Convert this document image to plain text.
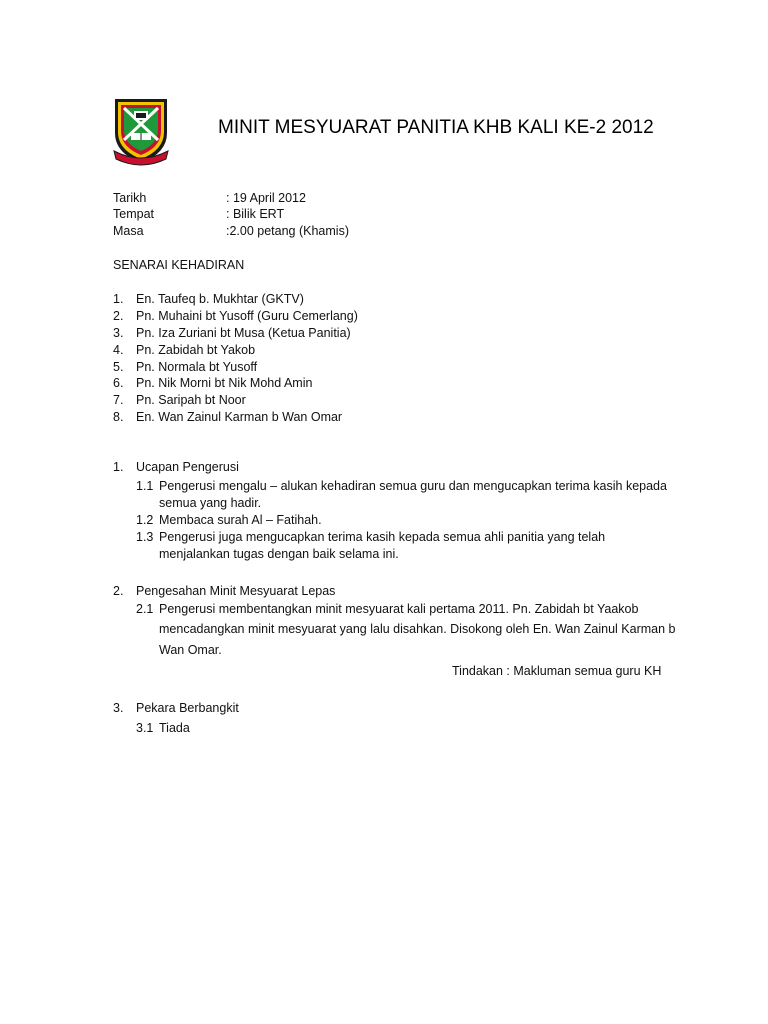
MINIT MESYUARAT PANITIA KHB KALI KE-2 2012
Tarikh	: 19 April 2012
Tempat	: Bilik ERT
Masa	:2.00 petang (Khamis)
SENARAI KEHADIRAN
1. En. Taufeq b. Mukhtar (GKTV)
2. Pn. Muhaini bt Yusoff (Guru Cemerlang)
3. Pn. Iza Zuriani bt Musa (Ketua Panitia)
4. Pn. Zabidah bt Yakob
5. Pn. Normala bt Yusoff
6. Pn. Nik Morni bt Nik Mohd Amin
7. Pn. Saripah bt Noor
8. En. Wan Zainul Karman b Wan Omar
1. Ucapan Pengerusi
1.1 Pengerusi mengalu – alukan kehadiran semua guru dan mengucapkan terima kasih kepada
semua yang hadir.
1.2 Membaca surah Al – Fatihah.
1.3 Pengerusi juga mengucapkan terima kasih kepada semua ahli panitia yang telah
menjalankan tugas dengan baik selama ini.
2. Pengesahan Minit Mesyuarat Lepas
2.1 Pengerusi membentangkan minit mesyuarat kali pertama 2011. Pn. Zabidah bt Yaakob
mencadangkan minit mesyuarat yang lalu disahkan. Disokong oleh En. Wan Zainul Karman b
Wan Omar.
Tindakan : Makluman semua guru KH
3. Pekara Berbangkit
3.1 Tiada
